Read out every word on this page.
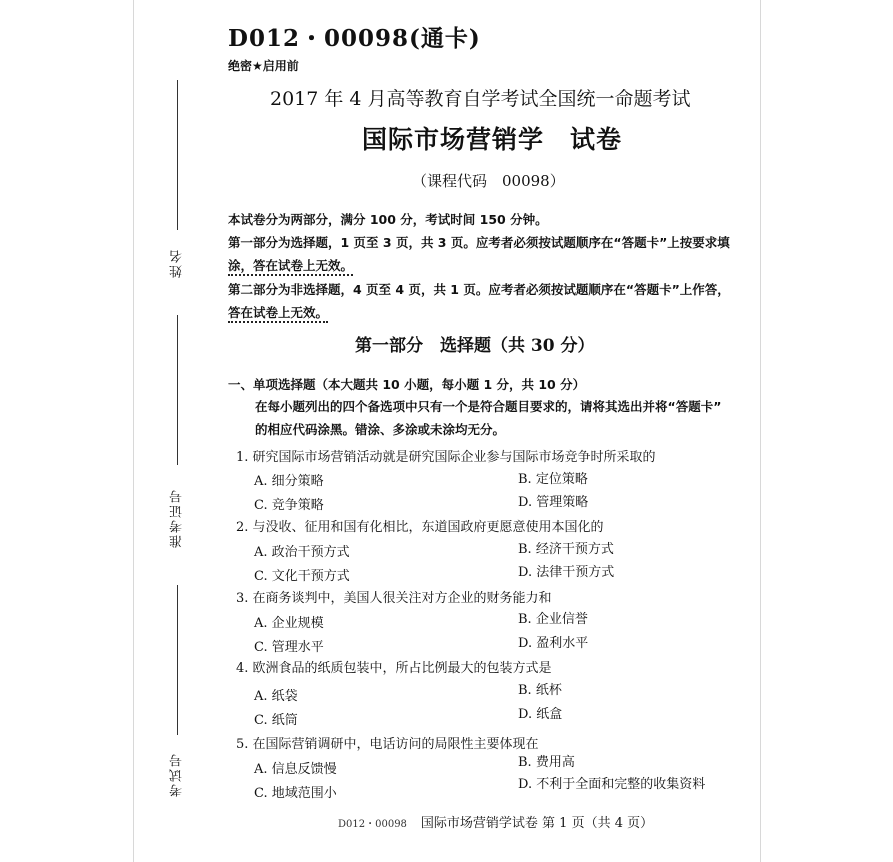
姓名
准考证号
考试号
D012・00098(通卡)
绝密★启用前
2017 年 4 月高等教育自学考试全国统一命题考试
国际市场营销学　试卷
（课程代码　00098）
本试卷分为两部分，满分 100 分，考试时间 150 分钟。
第一部分为选择题，1 页至 3 页，共 3 页。应考者必须按试题顺序在“答题卡”上按要求填
涂，答在试卷上无效。
第二部分为非选择题，4 页至 4 页，共 1 页。应考者必须按试题顺序在“答题卡”上作答，
答在试卷上无效。
第一部分　选择题（共 30 分）
一、单项选择题（本大题共 10 小题，每小题 1 分，共 10 分）
在每小题列出的四个备选项中只有一个是符合题目要求的，请将其选出并将“答题卡”
的相应代码涂黑。错涂、多涂或未涂均无分。
1. 研究国际市场营销活动就是研究国际企业参与国际市场竞争时所采取的
A. 细分策略	B. 定位策略
C. 竞争策略	D. 管理策略
2. 与没收、征用和国有化相比，东道国政府更愿意使用本国化的
A. 政治干预方式	B. 经济干预方式
C. 文化干预方式	D. 法律干预方式
3. 在商务谈判中，美国人很关注对方企业的财务能力和
A. 企业规模	B. 企业信誉
C. 管理水平	D. 盈利水平
4. 欧洲食品的纸质包装中，所占比例最大的包装方式是
A. 纸袋	B. 纸杯
C. 纸筒	D. 纸盒
5. 在国际营销调研中，电话访问的局限性主要体现在
A. 信息反馈慢	B. 费用高
C. 地域范围小
D. 不利于全面和完整的收集资料
D012・00098 国际市场营销学试卷 第 1 页（共 4 页）
